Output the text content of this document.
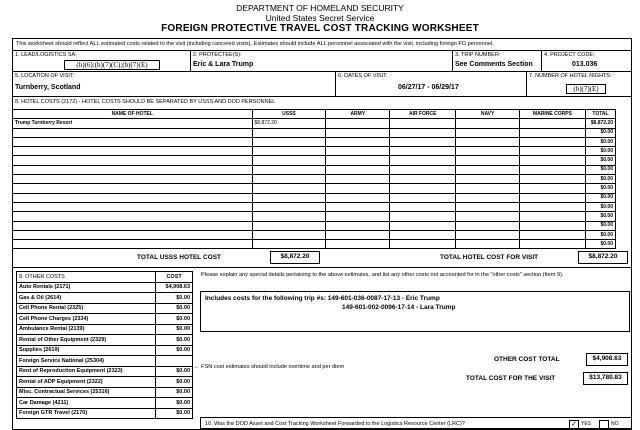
DEPARTMENT OF HOMELAND SECURITY
United States Secret Service
FOREIGN PROTECTIVE TRAVEL COST TRACKING WORKSHEET
This worksheet should reflect ALL estimated costs related to the visit (including canceled visits). Estimates should include ALL personnel associated with the visit, including foreign FO personnel.
1. LEAD/LOGISTICS SA:
(b)(6);(b)(7)(C);(b)(7)(E)
2. PROTECTEE(S):
Eric & Lara Trump
3. TRIP NUMBER:
See Comments Section
4. PROJECT CODE:
013.036
5. LOCATION OF VISIT:
Turnberry, Scotland
6. DATES OF VISIT:
06/27/17 - 06/29/17
7. NUMBER OF HOTEL NIGHTS:
(b)(7)(E)
8. HOTEL COSTS (2172) - HOTEL COSTS SHOULD BE SEPARATED BY USSS AND DOD PERSONNEL
NAME OF HOTEL	USSS	ARMY	AIR FORCE	NAVY	MARINE CORPS	TOTAL
Trump Turnberry Resort	$8,872.20					$8,872.20
						$0.00
						$0.00
						$0.00
						$0.00
						$0.00
						$0.00
						$0.00
						$0.00
						$0.00
						$0.00
						$0.00
						$0.00
						$0.00
TOTAL USSS HOTEL COST	$8,872.20	TOTAL HOTEL COST FOR VISIT	$8,872.20
9. OTHER COSTS	COST
Auto Rentals (2171)	$4,908.63
Gas & Oil (2614)	$0.00
Cell Phone Rental (2325)	$0.00
Cell Phone Charges (2334)	$0.00
Ambulance Rental (2139)	$0.00
Rental of Other Equipment (2329)	$0.00
Supplies (2619)	$0.00
Foreign Service National (25304)	
Rent of Reproduction Equipment (2323)	$0.00
Rental of ADP Equipment (2322)	$0.00
Misc. Contractual Services (25316)	$0.00
Car Damage (4211)	$0.00
Foreign GTR Travel (2170)	$0.00
Please explain any special details pertaining to the above estimates, and list any other costs not accounted for in the "other costs" section (Item 9).
Includes costs for the following trip #s: 149-601-036-0087-17-13 - Eric Trump
149-601-002-0096-17-14 - Lara Trump
← FSN cost estimates should include overtime and per diem
OTHER COST TOTAL	$4,908.63
TOTAL COST FOR THE VISIT	$13,780.83
10. Was the DOD Asset and Cost Tracking Worksheet Forwarded to the Logistics Resource Center (LRC)?	✓ YES	NO
